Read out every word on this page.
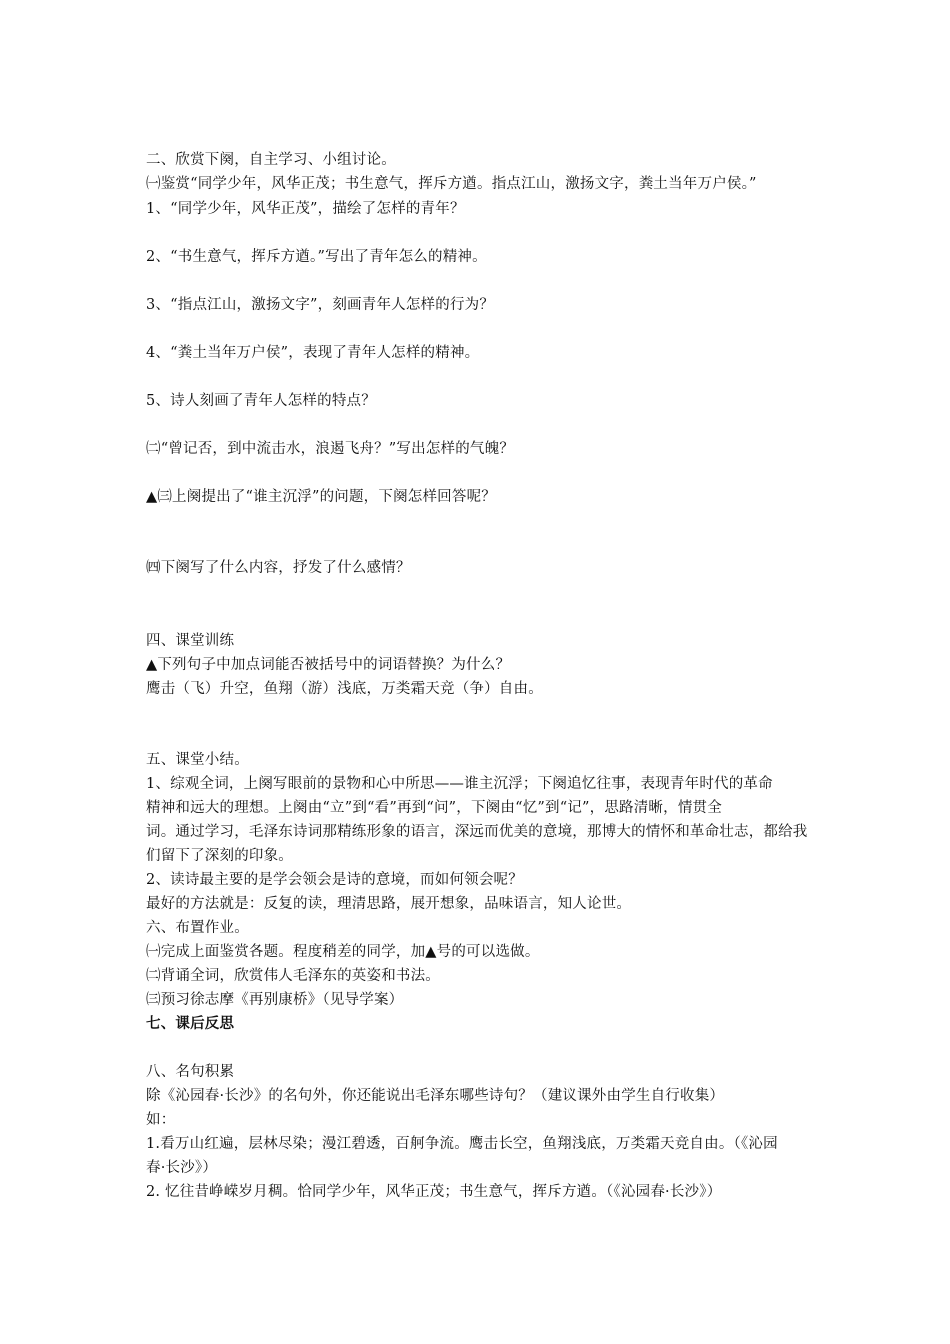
二、欣赏下阕，自主学习、小组讨论。
㈠鉴赏“同学少年，风华正茂；书生意气，挥斥方遒。指点江山，激扬文字，粪土当年万户侯。”
1、“同学少年，风华正茂”，描绘了怎样的青年？
2、“书生意气，挥斥方遒。”写出了青年怎么的精神。
3、“指点江山，激扬文字”，刻画青年人怎样的行为？
4、“粪土当年万户侯”，表现了青年人怎样的精神。
5、诗人刻画了青年人怎样的特点？
㈡“曾记否，到中流击水，浪遏飞舟？”写出怎样的气魄？
▲㈢上阕提出了“谁主沉浮”的问题，下阕怎样回答呢？
㈣下阕写了什么内容，抒发了什么感情？
四、课堂训练
▲下列句子中加点词能否被括号中的词语替换？为什么？
鹰击（飞）升空，鱼翔（游）浅底，万类霜天竞（争）自由。
五、课堂小结。
1、综观全词，上阕写眼前的景物和心中所思——谁主沉浮；下阕追忆往事，表现青年时代的革命
精神和远大的理想。上阕由“立”到“看”再到“问”，下阕由“忆”到“记”，思路清晰，情贯全
词。通过学习，毛泽东诗词那精练形象的语言，深远而优美的意境，那博大的情怀和革命壮志，都给我
们留下了深刻的印象。
2、读诗最主要的是学会领会是诗的意境，而如何领会呢？
最好的方法就是：反复的读，理清思路，展开想象，品味语言，知人论世。
六、布置作业。
㈠完成上面鉴赏各题。程度稍差的同学，加▲号的可以选做。
㈡背诵全词，欣赏伟人毛泽东的英姿和书法。
㈢预习徐志摩《再别康桥》（见导学案）
七、课后反思
八、名句积累
除《沁园春·长沙》的名句外，你还能说出毛泽东哪些诗句？（建议课外由学生自行收集）
如：
1.看万山红遍，层林尽染；漫江碧透，百舸争流。鹰击长空，鱼翔浅底，万类霜天竞自由。（《沁园
春·长沙》）
2. 忆往昔峥嵘岁月稠。恰同学少年，风华正茂；书生意气，挥斥方遒。（《沁园春·长沙》）
